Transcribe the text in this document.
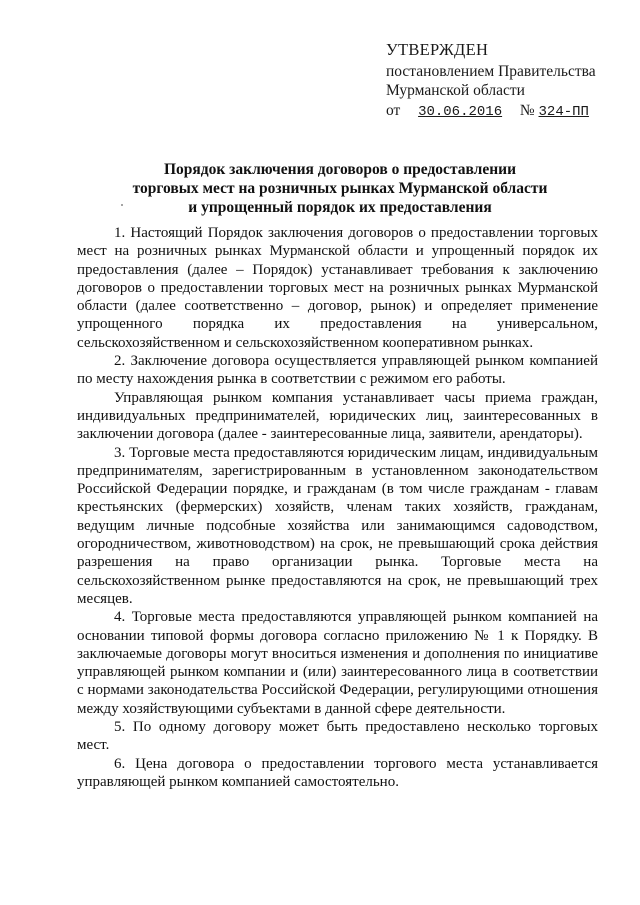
УТВЕРЖДЕН
постановлением Правительства
Мурманской области
от 30.06.2016 № 324-ПП
Порядок заключения договоров о предоставлении
торговых мест на розничных рынках Мурманской области
и упрощенный порядок их предоставления

1. Настоящий Порядок заключения договоров о предоставлении торговых мест на розничных рынках Мурманской области и упрощенный порядок их предоставления (далее – Порядок) устанавливает требования к заключению договоров о предоставлении торговых мест на розничных рынках Мурманской области (далее соответственно – договор, рынок) и определяет применение упрощенного порядка их предоставления на универсальном, сельскохозяйственном и сельскохозяйственном кооперативном рынках.

2. Заключение договора осуществляется управляющей рынком компанией по месту нахождения рынка в соответствии с режимом его работы.

Управляющая рынком компания устанавливает часы приема граждан, индивидуальных предпринимателей, юридических лиц, заинтересованных в заключении договора (далее - заинтересованные лица, заявители, арендаторы).

3. Торговые места предоставляются юридическим лицам, индивидуальным предпринимателям, зарегистрированным в установленном законодательством Российской Федерации порядке, и гражданам (в том числе гражданам - главам крестьянских (фермерских) хозяйств, членам таких хозяйств, гражданам, ведущим личные подсобные хозяйства или занимающимся садоводством, огородничеством, животноводством) на срок, не превышающий срока действия разрешения на право организации рынка. Торговые места на сельскохозяйственном рынке предоставляются на срок, не превышающий трех месяцев.

4. Торговые места предоставляются управляющей рынком компанией на основании типовой формы договора согласно приложению № 1 к Порядку. В заключаемые договоры могут вноситься изменения и дополнения по инициативе управляющей рынком компании и (или) заинтересованного лица в соответствии с нормами законодательства Российской Федерации, регулирующими отношения между хозяйствующими субъектами в данной сфере деятельности.

5. По одному договору может быть предоставлено несколько торговых мест.

6. Цена договора о предоставлении торгового места устанавливается управляющей рынком компанией самостоятельно.
